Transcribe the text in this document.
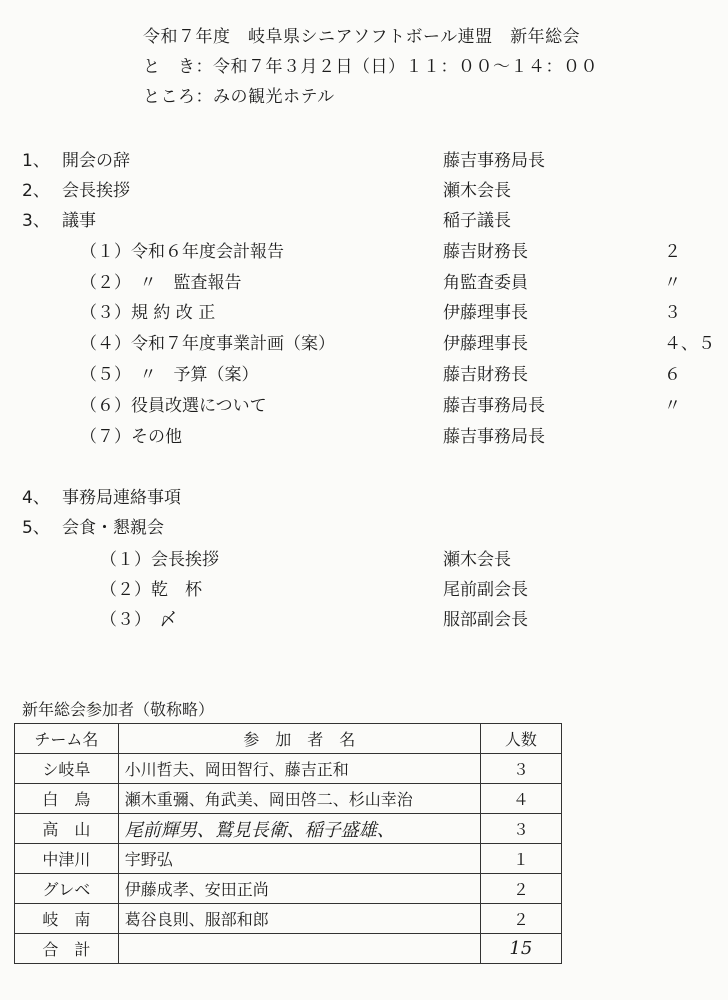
令和７年度　岐阜県シニアソフトボール連盟　新年総会
と　き：令和７年３月２日（日）１１：００～１４：００
ところ：みの観光ホテル
1、 開会の辞	藤吉事務局長
2、 会長挨拶	瀬木会長
3、 議事	稲子議長
（１）令和６年度会計報告	藤吉財務長	２
（２）　〃　監査報告	角監査委員	〃
（３）規 約 改 正	伊藤理事長	３
（４）令和７年度事業計画（案）	伊藤理事長	４、５
（５）　〃　予算（案）	藤吉財務長	６
（６）役員改選について	藤吉事務局長	〃
（７）その他	藤吉事務局長
4、 事務局連絡事項
5、 会食・懇親会
（１）会長挨拶	瀬木会長
（２）乾　杯	尾前副会長
（３）　〆	服部副会長
新年総会参加者（敬称略）
チーム名	参　加　者　名	人数
シ岐阜	小川哲夫、岡田智行、藤吉正和	３
白　鳥	瀬木重彌、角武美、岡田啓二、杉山幸治	４
高　山	尾前輝男、鷲見長衛、稲子盛雄、	３
中津川	宇野弘	１
グレベ	伊藤成孝、安田正尚	２
岐　南	葛谷良則、服部和郎	２
合　計		15
